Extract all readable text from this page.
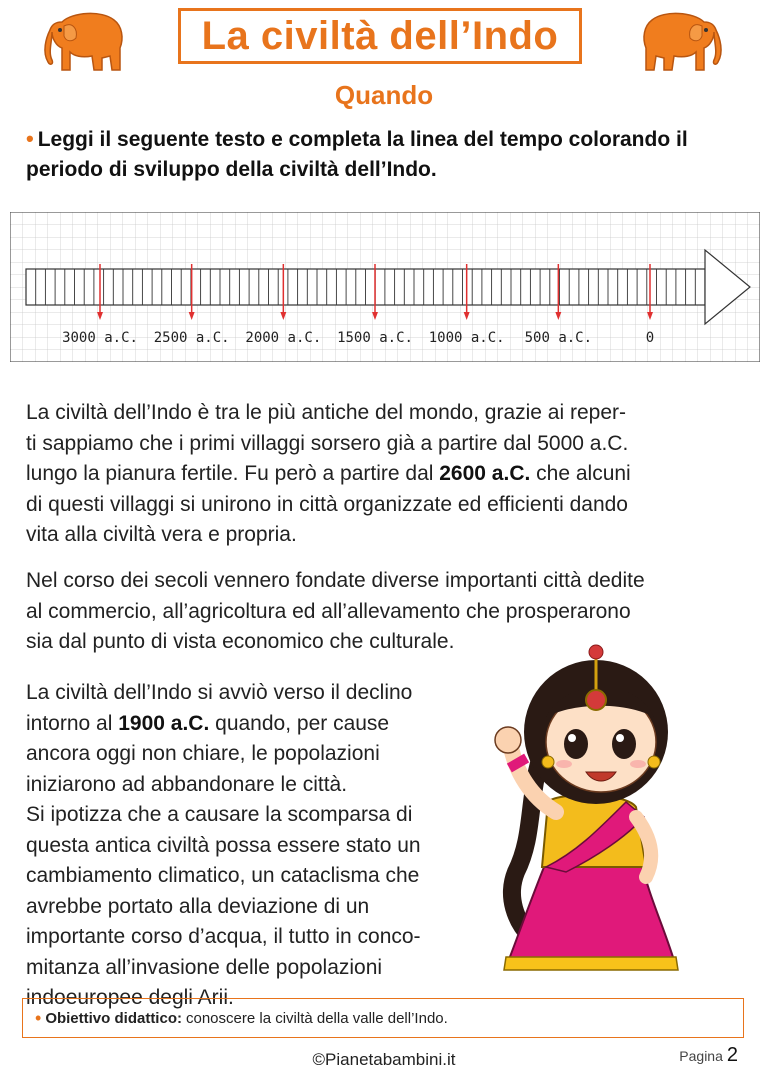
La civiltà dell’Indo
Quando
• Leggi il seguente testo e completa la linea del tempo colorando il periodo di sviluppo della civiltà dell’Indo.
3000 a.C. 2500 a.C. 2000 a.C. 1500 a.C. 1000 a.C. 500 a.C.	0

La civiltà dell’Indo è tra le più antiche del mondo, grazie ai reper-
ti sappiamo che i primi villaggi sorsero già a partire dal 5000 a.C.
lungo la pianura fertile. Fu però a partire dal 2600 a.C. che alcuni
di questi villaggi si unirono in città organizzate ed efficienti dando
vita alla civiltà vera e propria.

Nel corso dei secoli vennero fondate diverse importanti città dedite
al commercio, all’agricoltura ed all’allevamento che prosperarono
sia dal punto di vista economico che culturale.

La civiltà dell’Indo si avviò verso il declino
intorno al 1900 a.C. quando, per cause
ancora oggi non chiare, le popolazioni
iniziarono ad abbandonare le città.
Si ipotizza che a causare la scomparsa di
questa antica civiltà possa essere stato un
cambiamento climatico, un cataclisma che
avrebbe portato alla deviazione di un
importante corso d’acqua, il tutto in conco-
mitanza all’invasione delle popolazioni
indoeuropee degli Arii.

• Obiettivo didattico: conoscere la civiltà della valle dell’Indo.
©Pianetabambini.it	Pagina 2
